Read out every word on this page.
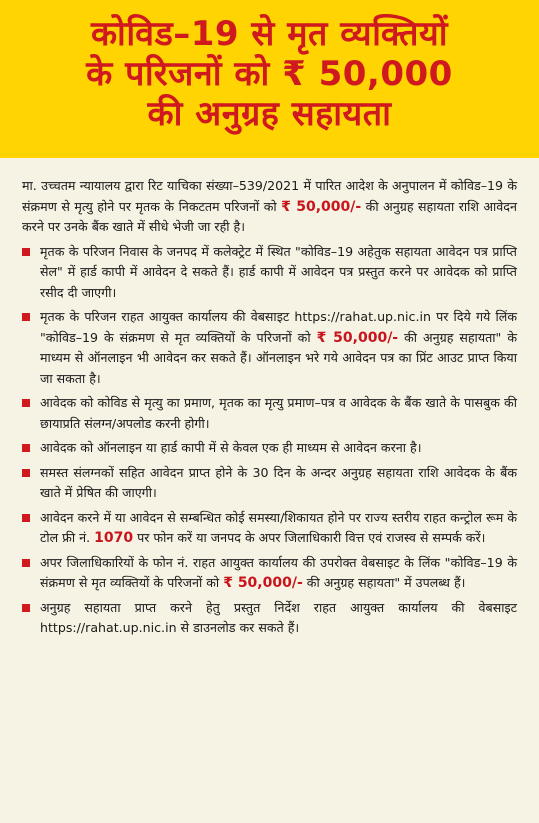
कोविड–19 से मृत व्यक्तियों
के परिजनों को ₹ 50,000
की अनुग्रह सहायता

मा. उच्चतम न्यायालय द्वारा रिट याचिका संख्या–539/2021 में पारित आदेश के अनुपालन में कोविड–19 के संक्रमण से मृत्यु होने पर मृतक के निकटतम परिजनों को ₹ 50,000/- की अनुग्रह सहायता राशि आवेदन करने पर उनके बैंक खाते में सीधे भेजी जा रही है।

मृतक के परिजन निवास के जनपद में कलेक्ट्रेट में स्थित "कोविड–19 अहेतुक सहायता आवेदन पत्र प्राप्ति सेल" में हार्ड कापी में आवेदन दे सकते हैं। हार्ड कापी में आवेदन पत्र प्रस्तुत करने पर आवेदक को प्राप्ति रसीद दी जाएगी।
मृतक के परिजन राहत आयुक्त कार्यालय की वेबसाइट https://rahat.up.nic.in पर दिये गये लिंक "कोविड–19 के संक्रमण से मृत व्यक्तियों के परिजनों को ₹ 50,000/- की अनुग्रह सहायता" के माध्यम से ऑनलाइन भी आवेदन कर सकते हैं। ऑनलाइन भरे गये आवेदन पत्र का प्रिंट आउट प्राप्त किया जा सकता है।
आवेदक को कोविड से मृत्यु का प्रमाण, मृतक का मृत्यु प्रमाण–पत्र व आवेदक के बैंक खाते के पासबुक की छायाप्रति संलग्न/अपलोड करनी होगी।
आवेदक को ऑनलाइन या हार्ड कापी में से केवल एक ही माध्यम से आवेदन करना है।
समस्त संलग्नकों सहित आवेदन प्राप्त होने के 30 दिन के अन्दर अनुग्रह सहायता राशि आवेदक के बैंक खाते में प्रेषित की जाएगी।
आवेदन करने में या आवेदन से सम्बन्धित कोई समस्या/शिकायत होने पर राज्य स्तरीय राहत कन्ट्रोल रूम के टोल फ्री नं. 1070 पर फोन करें या जनपद के अपर जिलाधिकारी वित्त एवं राजस्व से सम्पर्क करें।
अपर जिलाधिकारियों के फोन नं. राहत आयुक्त कार्यालय की उपरोक्त वेबसाइट के लिंक "कोविड–19 के संक्रमण से मृत व्यक्तियों के परिजनों को ₹ 50,000/- की अनुग्रह सहायता" में उपलब्ध हैं।
अनुग्रह सहायता प्राप्त करने हेतु प्रस्तुत निर्देश राहत आयुक्त कार्यालय की वेबसाइट https://rahat.up.nic.in से डाउनलोड कर सकते हैं।
